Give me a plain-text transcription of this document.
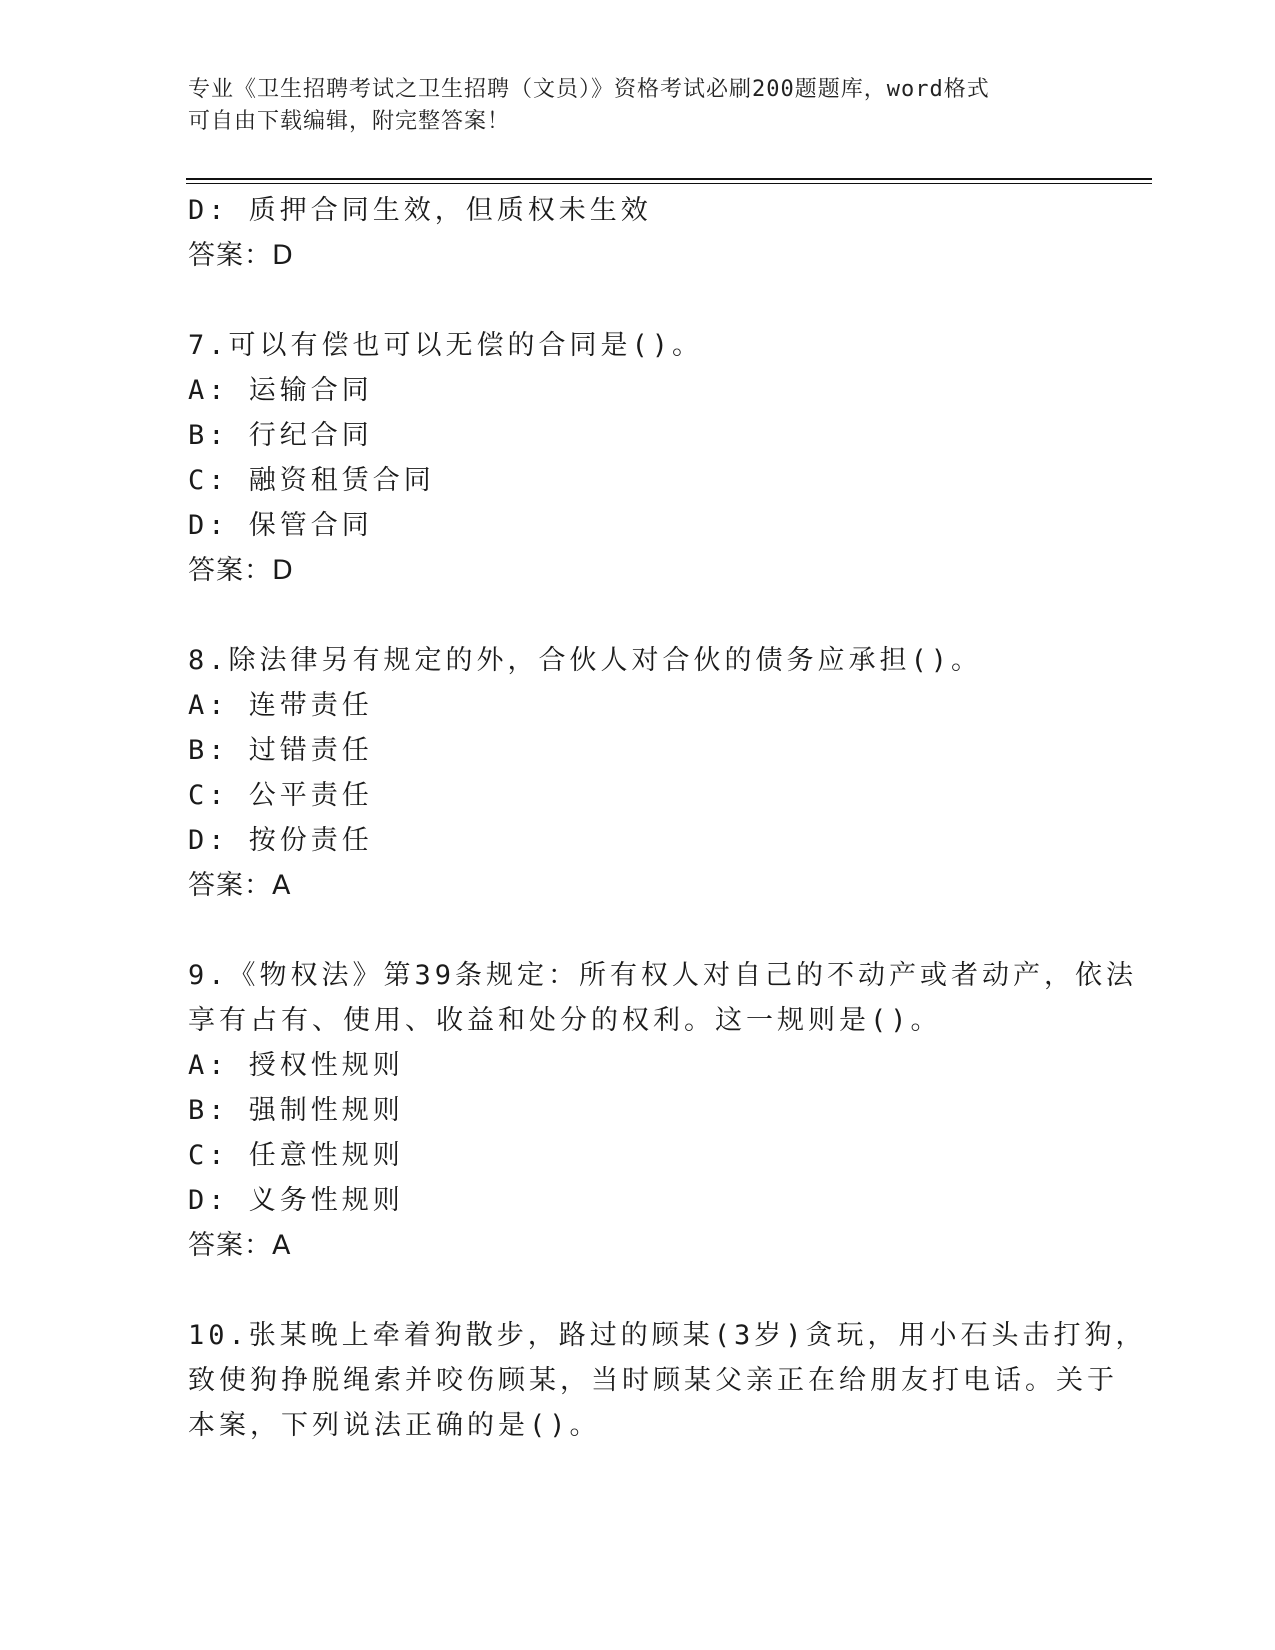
专业《卫生招聘考试之卫生招聘（文员）》资格考试必刷200题题库，word格式
可自由下载编辑，附完整答案！
D: 质押合同生效，但质权未生效
答案：D
7.可以有偿也可以无偿的合同是()。
A: 运输合同
B: 行纪合同
C: 融资租赁合同
D: 保管合同
答案：D
8.除法律另有规定的外，合伙人对合伙的债务应承担()。
A: 连带责任
B: 过错责任
C: 公平责任
D: 按份责任
答案：A
9.《物权法》第39条规定：所有权人对自己的不动产或者动产，依法
享有占有、使用、收益和处分的权利。这一规则是()。
A: 授权性规则
B: 强制性规则
C: 任意性规则
D: 义务性规则
答案：A
10.张某晚上牵着狗散步，路过的顾某(3岁)贪玩，用小石头击打狗，
致使狗挣脱绳索并咬伤顾某，当时顾某父亲正在给朋友打电话。关于
本案，下列说法正确的是()。
